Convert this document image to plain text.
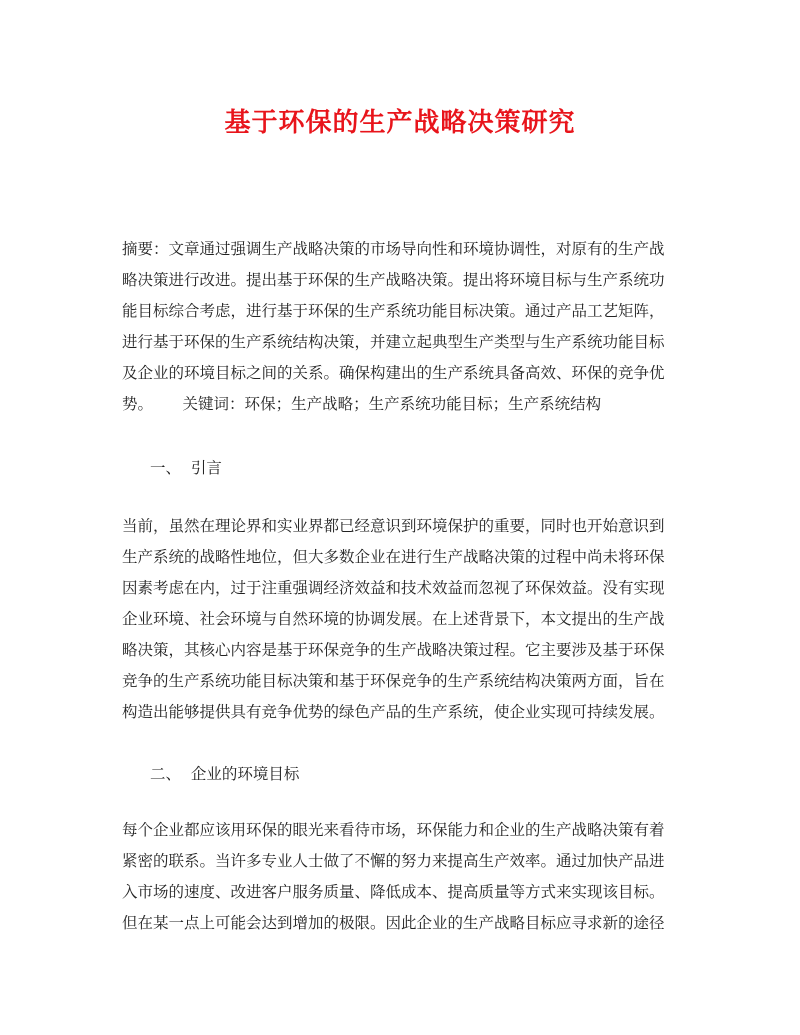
基于环保的生产战略决策研究
摘要：文章通过强调生产战略决策的市场导向性和环境协调性，对原有的生产战
略决策进行改进。提出基于环保的生产战略决策。提出将环境目标与生产系统功
能目标综合考虑，进行基于环保的生产系统功能目标决策。通过产品工艺矩阵，
进行基于环保的生产系统结构决策，并建立起典型生产类型与生产系统功能目标
及企业的环境目标之间的关系。确保构建出的生产系统具备高效、环保的竞争优
势。      关键词：环保；生产战略；生产系统功能目标；生产系统结构
一、  引言
当前，虽然在理论界和实业界都已经意识到环境保护的重要，同时也开始意识到
生产系统的战略性地位，但大多数企业在进行生产战略决策的过程中尚未将环保
因素考虑在内，过于注重强调经济效益和技术效益而忽视了环保效益。没有实现
企业环境、社会环境与自然环境的协调发展。在上述背景下，本文提出的生产战
略决策，其核心内容是基于环保竞争的生产战略决策过程。它主要涉及基于环保
竞争的生产系统功能目标决策和基于环保竞争的生产系统结构决策两方面，旨在
构造出能够提供具有竞争优势的绿色产品的生产系统，使企业实现可持续发展。
二、  企业的环境目标
每个企业都应该用环保的眼光来看待市场，环保能力和企业的生产战略决策有着
紧密的联系。当许多专业人士做了不懈的努力来提高生产效率。通过加快产品进
入市场的速度、改进客户服务质量、降低成本、提高质量等方式来实现该目标。
但在某一点上可能会达到增加的极限。因此企业的生产战略目标应寻求新的途径
